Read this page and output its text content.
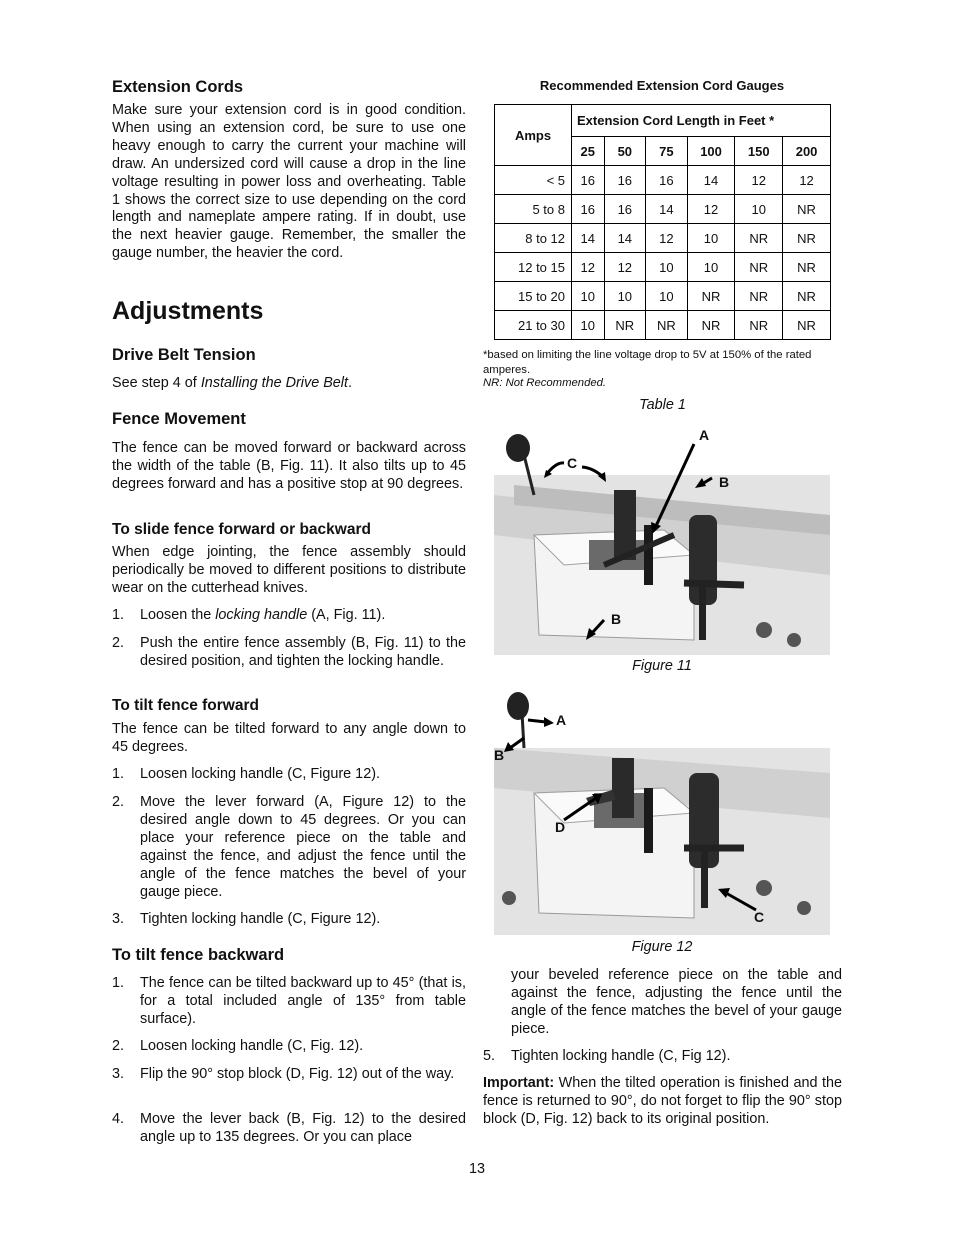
Extension Cords

Make sure your extension cord is in good condition. When using an extension cord, be sure to use one heavy enough to carry the current your machine will draw. An undersized cord will cause a drop in the line voltage resulting in power loss and overheating. Table 1 shows the correct size to use depending on the cord length and nameplate ampere rating. If in doubt, use the next heavier gauge. Remember, the smaller the gauge number, the heavier the cord.

Adjustments
Drive Belt Tension
See step 4 of Installing the Drive Belt.
Fence Movement

The fence can be moved forward or backward across the width of the table (B, Fig. 11). It also tilts up to 45 degrees forward and has a positive stop at 90 degrees.

To slide fence forward or backward

When edge jointing, the fence assembly should periodically be moved to different positions to distribute wear on the cutterhead knives.

1. Loosen the locking handle (A, Fig. 11).
2. Push the entire fence assembly (B, Fig. 11) to the desired position, and tighten the locking handle.
To tilt fence forward

The fence can be tilted forward to any angle down to 45 degrees.

1. Loosen locking handle (C, Figure 12).
2. Move the lever forward (A, Figure 12) to the desired angle down to 45 degrees. Or you can place your reference piece on the table and against the fence, and adjust the fence until the angle of the fence matches the bevel of your gauge piece.
3. Tighten locking handle (C, Figure 12).
To tilt fence backward
1. The fence can be tilted backward up to 45° (that is, for a total included angle of 135° from table surface).
2. Loosen locking handle (C, Fig. 12).
3. Flip the 90° stop block (D, Fig. 12) out of the way.
4. Move the lever back (B, Fig. 12) to the desired angle up to 135 degrees. Or you can place
Recommended Extension Cord Gauges
Amps	Extension Cord Length in Feet *					
	25	50	75	100	150	200
< 5	16	16	16	14	12	12
5 to 8	16	16	14	12	10	NR
8 to 12	14	14	12	10	NR	NR
12 to 15	12	12	10	10	NR	NR
15 to 20	10	10	10	NR	NR	NR
21 to 30	10	NR	NR	NR	NR	NR
*based on limiting the line voltage drop to 5V at 150% of the rated amperes.
NR: Not Recommended.
Table 1
A
B
C
B
Figure 11
A
B
D
C
Figure 12

your beveled reference piece on the table and against the fence, adjusting the fence until the angle of the fence matches the bevel of your gauge piece.

5. Tighten locking handle (C, Fig 12).

Important: When the tilted operation is finished and the fence is returned to 90°, do not forget to flip the 90° stop block (D, Fig. 12) back to its original position.

13
